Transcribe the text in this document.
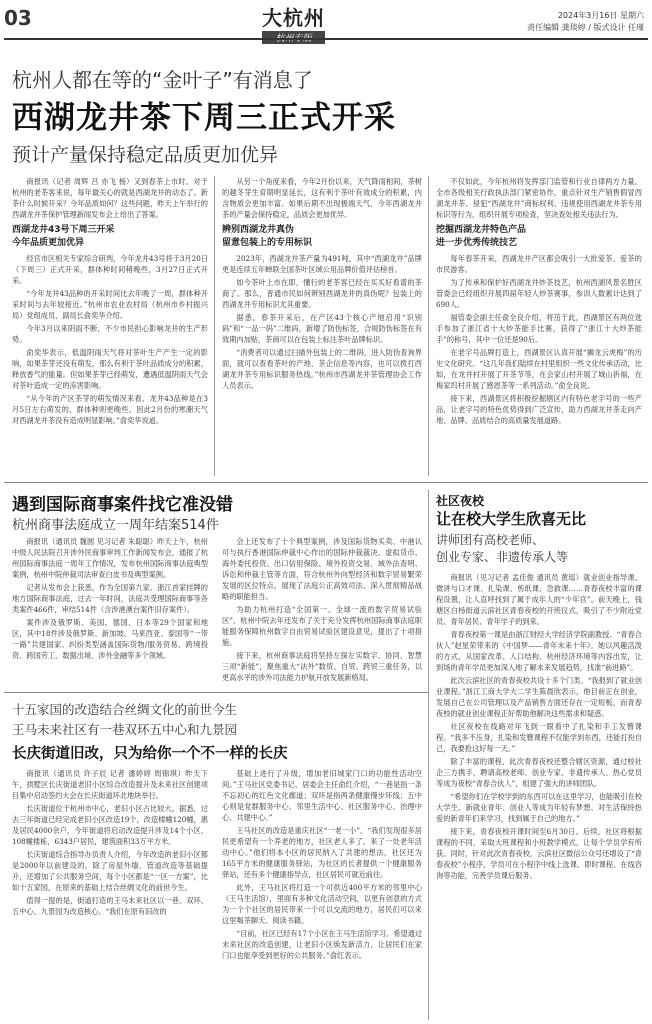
03	大杭州	2024年3月16日 星期六
责任编辑 龚琰婷 / 版式设计 任瑾
杭州人都在等的“金叶子”有消息了
西湖龙井茶下周三正式开采
预计产量保持稳定品质更加优异

商报讯（记者 周辉 吕 亦飞 杨）又到春茶上市时。对于杭州的老茶客来说，每年最关心的就是西湖龙井的动态了。新茶什么时候开采？今年品质如何？这些问题，昨天上午举行的西湖龙井茶保护管理新闻发布会上给出了答案。

西湖龙井43号下周三开采
今年品质更加优异

经官市区相关专家综合研判，今年龙井43号将于3月20日（下周三）正式开采，群体种时间稍晚些，3月27日正式开采。

“今年龙井43品种的开采时间比去年晚了一周，群体种开采时间与去年较接近。”杭州市农业农村局（杭州市乡村振兴局）党组成员、副局长俞奕华介绍。

今年3月以来阴雨不断，不少市民担心影响龙井的生产形势。

俞奕华表示，低温阴雨天气将对茶叶生产产生一定的影响，如果茶芽还没有萌发，那么有利于茶叶品质成分的积累，释放香气的能量。但如果茶芽已经萌发，遭遇低温阴雨天气会对茶叶造成一定的冻害影响。

“从今年的产区茶芽的萌发情况来看，龙井43品种是在3月5日左右萌发的，群体种则更晚些，因此2月份的寒潮天气对西湖龙井茶没有造成明显影响。”俞奕华说道。

从另一个角度来看，今年2月份以来，天气降雨相间，茶树的越冬芽生育期明显延长，这有利于茶叶有效成分的积累，内含物质会更加丰富。如果后期不出现极端天气，今年西湖龙井茶的产量会保持稳定，品质会更加优异。

辨别西湖龙井真伪
留意包装上的专用标识

2023年，西湖龙井茶产量为491吨，其中“西湖龙井”品牌更是连续五年蝉联全国茶叶区域公用品牌价值评估榜首。

如今茶叶上市在即，懂行的老茶客已经在买买好看谱的茶商了。那么，普通市民如何辨别西湖龙井的真伪呢？包装上的西湖龙井专用标识尤其重要。

据悉，春茶开采后，在产区43个核心产地启用“识别码”和“一品一码”二维码，新增了防伪标签，合规防伪标签在有效期内加贴，茶商可以在包装上标注茶叶品牌标识。

“消费者可以通过扫描外包装上的二维码，进入防伪查询界面，就可以查看茶叶的产地、茶企信息等内容，也可以拨打西湖龙井茶专用标识服务热线。”杭州市西湖龙井茶管理协会工作人员表示。

不仅如此，今年杭州将发挥部门监管和行业自律两方力量，全市各级相关行政执法部门紧密协作，重点针对生产销售假冒西湖龙井茶、侵犯“西湖龙井”商标权利、违规使用西湖龙井茶专用标识等行为，组织开展专项检查，坚决查处相关违法行为。

挖掘西湖龙井特色产品
进一步优秀传统技艺

每年春茶开采，西湖龙井产区都会吸引一大批爱茶、爱茶的市民游客。

为了传承和保护好西湖龙井炒茶技艺，杭州西湖风景名胜区管委会已经组织开展四届年轻人炒茶赛事，参训人数累计达到了690人。

福管委会副主任俞全良介绍，将茁于此，西湖景区有两位选手参加了浙江省十大炒茶能手比赛，获得了“浙江十大炒茶能手”的称号，其中一位还是90后。

在老字号品牌打造上，西湖景区认真开展“狮龙云虎梅”的历史文化研究。“这几年我们陆续在村里组织一些文化传承活动，比如，在龙井村开展了开茶节等，在会家山村开展了城山祈福，在梅家坞村开展了感恩茶等一系列活动。”俞全良说。

接下来，西湖景区将积极挖掘辖区内有特色老字号的一些产品，让老字号的特色优势得到广泛宣传，助力西湖龙井茶走向产地、品牌、品质结合的高质量发展道路。

遇到国际商事案件找它准没错
杭州商事法庭成立一周年结案514件

商报讯（通讯员 魏圆 见习记者 朱聪聪）昨天上午，杭州中级人民法院召开涉外民商事审判工作新闻发布会，通报了杭州国际商事法庭一周年工作情况，发布杭州国际商事法庭典型案例，杭州中院仲裁司法审查白皮书及典型案例。

记者从发布会上获悉，作为全国第九家、浙江首家挂牌的地方国际商事法庭，过去一年时间，法庭共受理国际商事等各类案件466件，审结514件（含涉港澳台案件旧存案件）。

案件涉及俄罗斯、美国、德国、日本等29个国家和地区，其中18件涉及俄罗斯、新加坡、马来西亚、泰国等“一带一路”共建国家。纠纷类型涵盖国际货物/服务贸易、跨境投资、跨国劳工、数据出境、涉外金融等多个领域。

会上还发布了十个典型案例，涉及国际货物买卖、中港认可与执行香港国际仲裁中心作出的国际仲裁裁决、虚拟货币、海外委托投资、出口信用保险、境外投资交易、域外法查明、诉讼和仲裁主管等方面，符合杭州外向型经济和数字贸易繁荣发展的区位特点，展现了法庭公正高效司法、深入贯彻精品战略的职能担当。

为助力杭州打造“全国第一、全球一流的数字贸易试验区”，杭州中院去年还发布了关于充分发挥杭州国际商事法庭职能服务保障杭州数字自由贸易试验区建设意见，提出了十项措施。

接下来，杭州商事法庭将坚持左探左实数字、协同、智慧三项“新能”，聚焦重大“法外”数贸、自贸、跨贸三重任务，以更高水平的涉外司法能力护航开放发展新格局。

社区夜校
让在校大学生欣喜无比
讲师团有高校老师、
创业专家、非遗传承人等

商报讯（见习记者 孟佳俊 通讯员 黄瑶）就业创业指导课、微讲与口才课、扎染课、剪纸课、急救课……青春夜校丰富的课程设置，让人直呼找到了属于成年人的“少年宫”。前天晚上，钱塘区白杨街道云滨社区青春夜校的开班仪式，吸引了不少附近党员、青年居民、青年学子的到来。

青春夜校第一课是由浙江财经大学经济学院副教授、“青春合伙人”赵星荣带来的《中国梦——青年未来十年》。她以风趣活泼的方式，从国家改革、人口结构、杭州经济环境等内容出发，让到场的青年学员更加深入地了解未来发展趋势，找准“前进路”。

此次云滨社区的青春夜校共设十多个门类。“我报到了就业创业课程。”浙江工商大学大二学生陈晨欣表示，他目前正在创业，发展自己在公司管理以及产品销售方面还存在一定短板，而青春夜校的就业创业课程正好帮助他解决这些需求和疑惑。

社区夜校在线路对年飞到一眼看中了扎染和手工发簪课程。“我多不压身，扎染和发簪课程不仅能学到东西，还能打扮自己，我要抢这好每一天。”

除了丰富的课程，此次青春夜校还整合辖区资源，通过校社企三方携手，聘请高校老师、创业专家、非遗传承人、热心党员等成为夜校“青春合伙人”，组建了强大的讲师团队。

“希望你们在学校学到的东西可以在这里学习，也能吸引在校大学生、新就业青年、创业人等成为年轻有梦想、对生活保持热爱的新青年们来学习，找到属于自己的地方。”

接下来，青春夜校开课时间至6月30日。后续，社区将根据课程的不同，采取大班课程和小班教学模式，让每个学员学有所获。同时，针对此次青春夜校，云滨社区微信公众号还增设了“青春夜校”小程序，学员可在小程序中线上选课、即时课程、在线咨询等功能，完善学员课后服务。

十五家国的改造结合丝绸文化的前世今生
王马未来社区有一巷双环五中心和九景园
长庆街道旧改，只为给你一个不一样的长庆

商报讯（通讯员 许子辰 记者 潘婷婷 周锦琪）昨天下午，拱墅区长庆街道老旧小区综合改造提升及未来社区创建项目集中启动签约大会在长庆街道环北地块举行。

长庆街道位于杭州市中心，老旧小区占比较大。据悉，过去三年街道已经完成老旧小区改造19个，改造楼幢120幢，惠及居民4000余户，今年街道将启动改造提升涉及14个小区、108幢楼栋，6343户居民，建筑面积33万平方米。

长庆街道综合指导办负责人介绍，今年改造的老旧小区都是2000年以前建设的，除了房屋外墙、管道改造等基础提升，还增加了公共服务空间，每个小区都是“一区一方案”，比如十五家园，在原来的基础上结合丝绸文化的前世今生。

值得一提的是，街道打造的王马未来社区以一巷、双环、五中心、九景园为改造核心。“我们在原有旧改的

基础上进行了升级，增加老旧城家门口的功能性活动空间。”王马社区党委书记、居委会主任俞红介绍，“一巷是指一条不忘初心的红色文化廊道；双环是指两条健康慢步环线；五中心则是党群服务中心、邻里生活中心、社区服务中心、治理中心、共建中心。”

王马社区的改造是重庆社区“一老一小”。“我们发现很多居民更希望有一个养老的地方，社区老人多了，来了一处老年活动中心。”他们将本小区的居民纳入了共建的想法，社区还为165平方米的健康服务驿站，为社区的长者提供一个健康服务驿站，还有多个健康指导点，社区居民可就近前往。

此外，王马社区将打造一个可供近400平方米的邻里中心（王马生活馆），里面有多种文化活动空间，以更有创意的方式为一个个社区的居民带来一个可以交流的地方，居民们可以来这里喝茶聊天、阅读书籍。

“目前，社区已经有17个小区在王马生活馆学习。希望通过未来社区的改造创建，让老旧小区焕发新活力，让居民们在家门口也能享受到更好的公共服务。”俞红表示。
